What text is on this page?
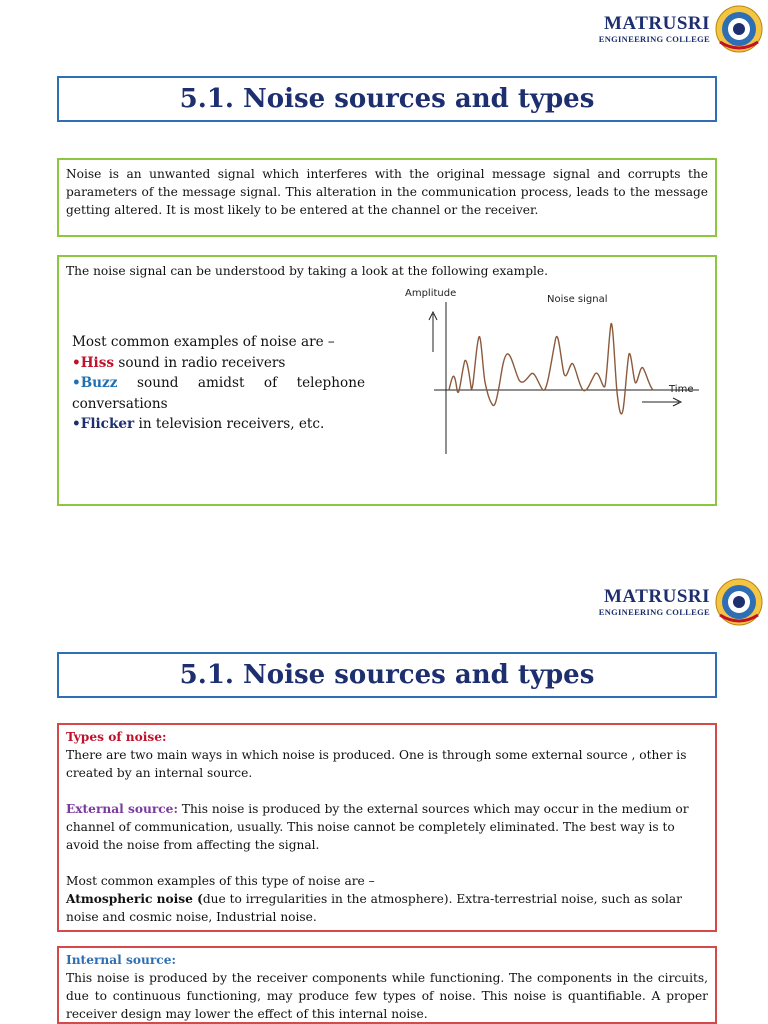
MATRUSRI
ENGINEERING COLLEGE
5.1. Noise sources and types

Noise is an unwanted signal which interferes with the original message signal and corrupts the parameters of the message signal. This alteration in the communication process, leads to the message getting altered. It is most likely to be entered at the channel or the receiver.

The noise signal can be understood by taking a look at the following example.

Most common examples of noise are –
•Hiss sound in radio receivers
•Buzz sound amidst of telephone
conversations
•Flicker in television receivers, etc.
Amplitude
Noise signal
Time
MATRUSRI
ENGINEERING COLLEGE
5.1. Noise sources and types

Types of noise:

There are two main ways in which noise is produced. One is through some external source , other is created by an internal source.

External source: This noise is produced by the external sources which may occur in the medium or channel of communication, usually. This noise cannot be completely eliminated. The best way is to avoid the noise from affecting the signal.

Most common examples of this type of noise are –

Atmospheric noise (due to irregularities in the atmosphere). Extra-terrestrial noise, such as solar noise and cosmic noise, Industrial noise.

Internal source:

This noise is produced by the receiver components while functioning. The components in the circuits, due to continuous functioning, may produce few types of noise. This noise is quantifiable. A proper receiver design may lower the effect of this internal noise.
